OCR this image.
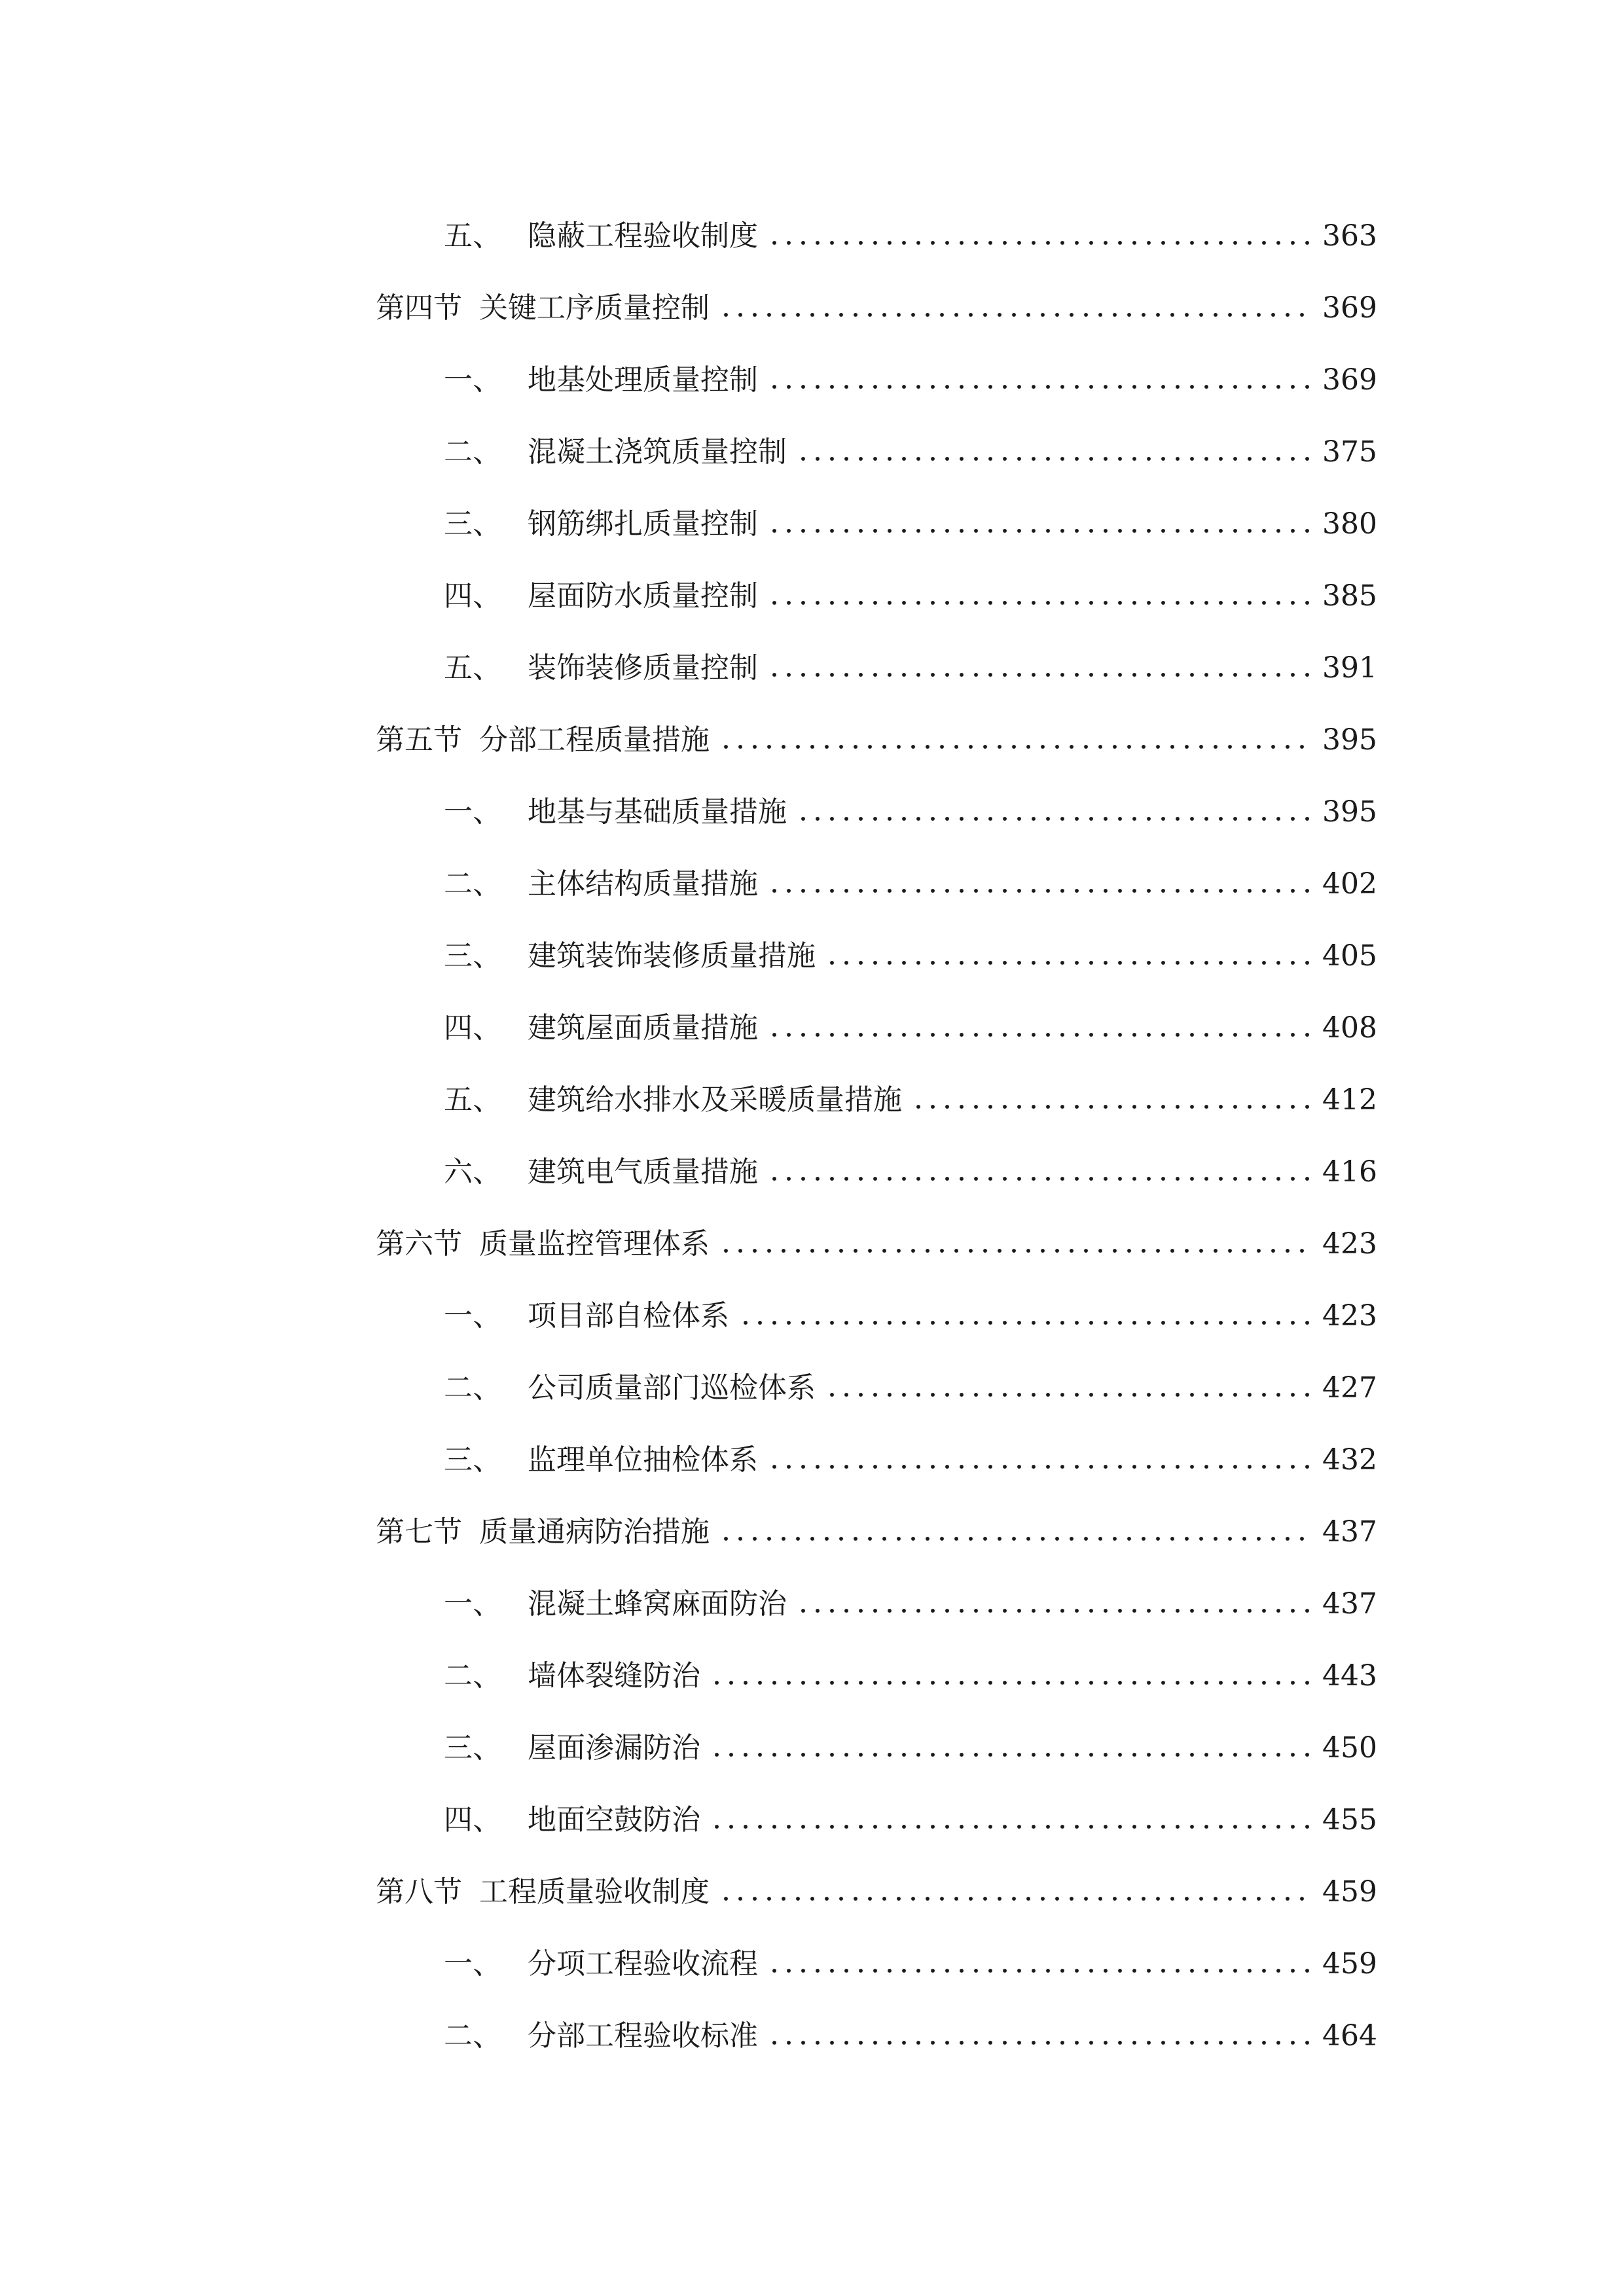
五、 隐蔽工程验收制度	363
第四节 关键工序质量控制	369
一、 地基处理质量控制	369
二、 混凝土浇筑质量控制	375
三、 钢筋绑扎质量控制	380
四、 屋面防水质量控制	385
五、 装饰装修质量控制	391
第五节 分部工程质量措施	395
一、 地基与基础质量措施	395
二、 主体结构质量措施	402
三、 建筑装饰装修质量措施	405
四、 建筑屋面质量措施	408
五、 建筑给水排水及采暖质量措施	412
六、 建筑电气质量措施	416
第六节 质量监控管理体系	423
一、 项目部自检体系	423
二、 公司质量部门巡检体系	427
三、 监理单位抽检体系	432
第七节 质量通病防治措施	437
一、 混凝土蜂窝麻面防治	437
二、 墙体裂缝防治	443
三、 屋面渗漏防治	450
四、 地面空鼓防治	455
第八节 工程质量验收制度	459
一、 分项工程验收流程	459
二、 分部工程验收标准	464
